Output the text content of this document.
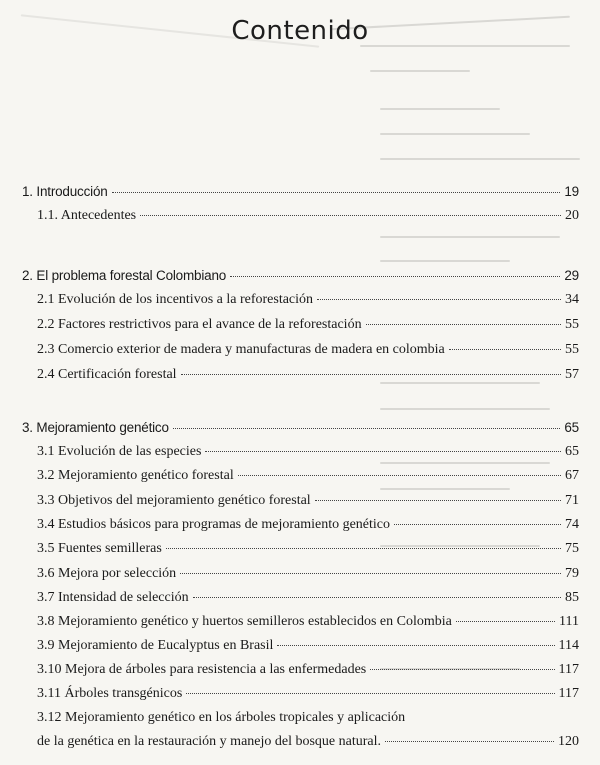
Contenido
1. Introducción	19
1.1. Antecedentes	20
2. El problema forestal Colombiano	29
2.1 Evolución de los incentivos a la reforestación	34
2.2 Factores restrictivos para el avance de la reforestación	55
2.3 Comercio exterior de madera y manufacturas de madera en colombia	55
2.4 Certificación forestal	57
3. Mejoramiento genético	65
3.1 Evolución de las especies	65
3.2 Mejoramiento genético forestal	67
3.3 Objetivos del mejoramiento genético forestal	71
3.4 Estudios básicos para programas de mejoramiento genético	74
3.5 Fuentes semilleras	75
3.6 Mejora por selección	79
3.7 Intensidad de selección	85
3.8 Mejoramiento genético y huertos semilleros establecidos en Colombia	111
3.9 Mejoramiento de Eucalyptus en Brasil	114
3.10 Mejora de árboles para resistencia a las enfermedades	117
3.11 Árboles transgénicos	117
3.12 Mejoramiento genético en los árboles tropicales y aplicación
de la genética en la restauración y manejo del bosque natural.	120
